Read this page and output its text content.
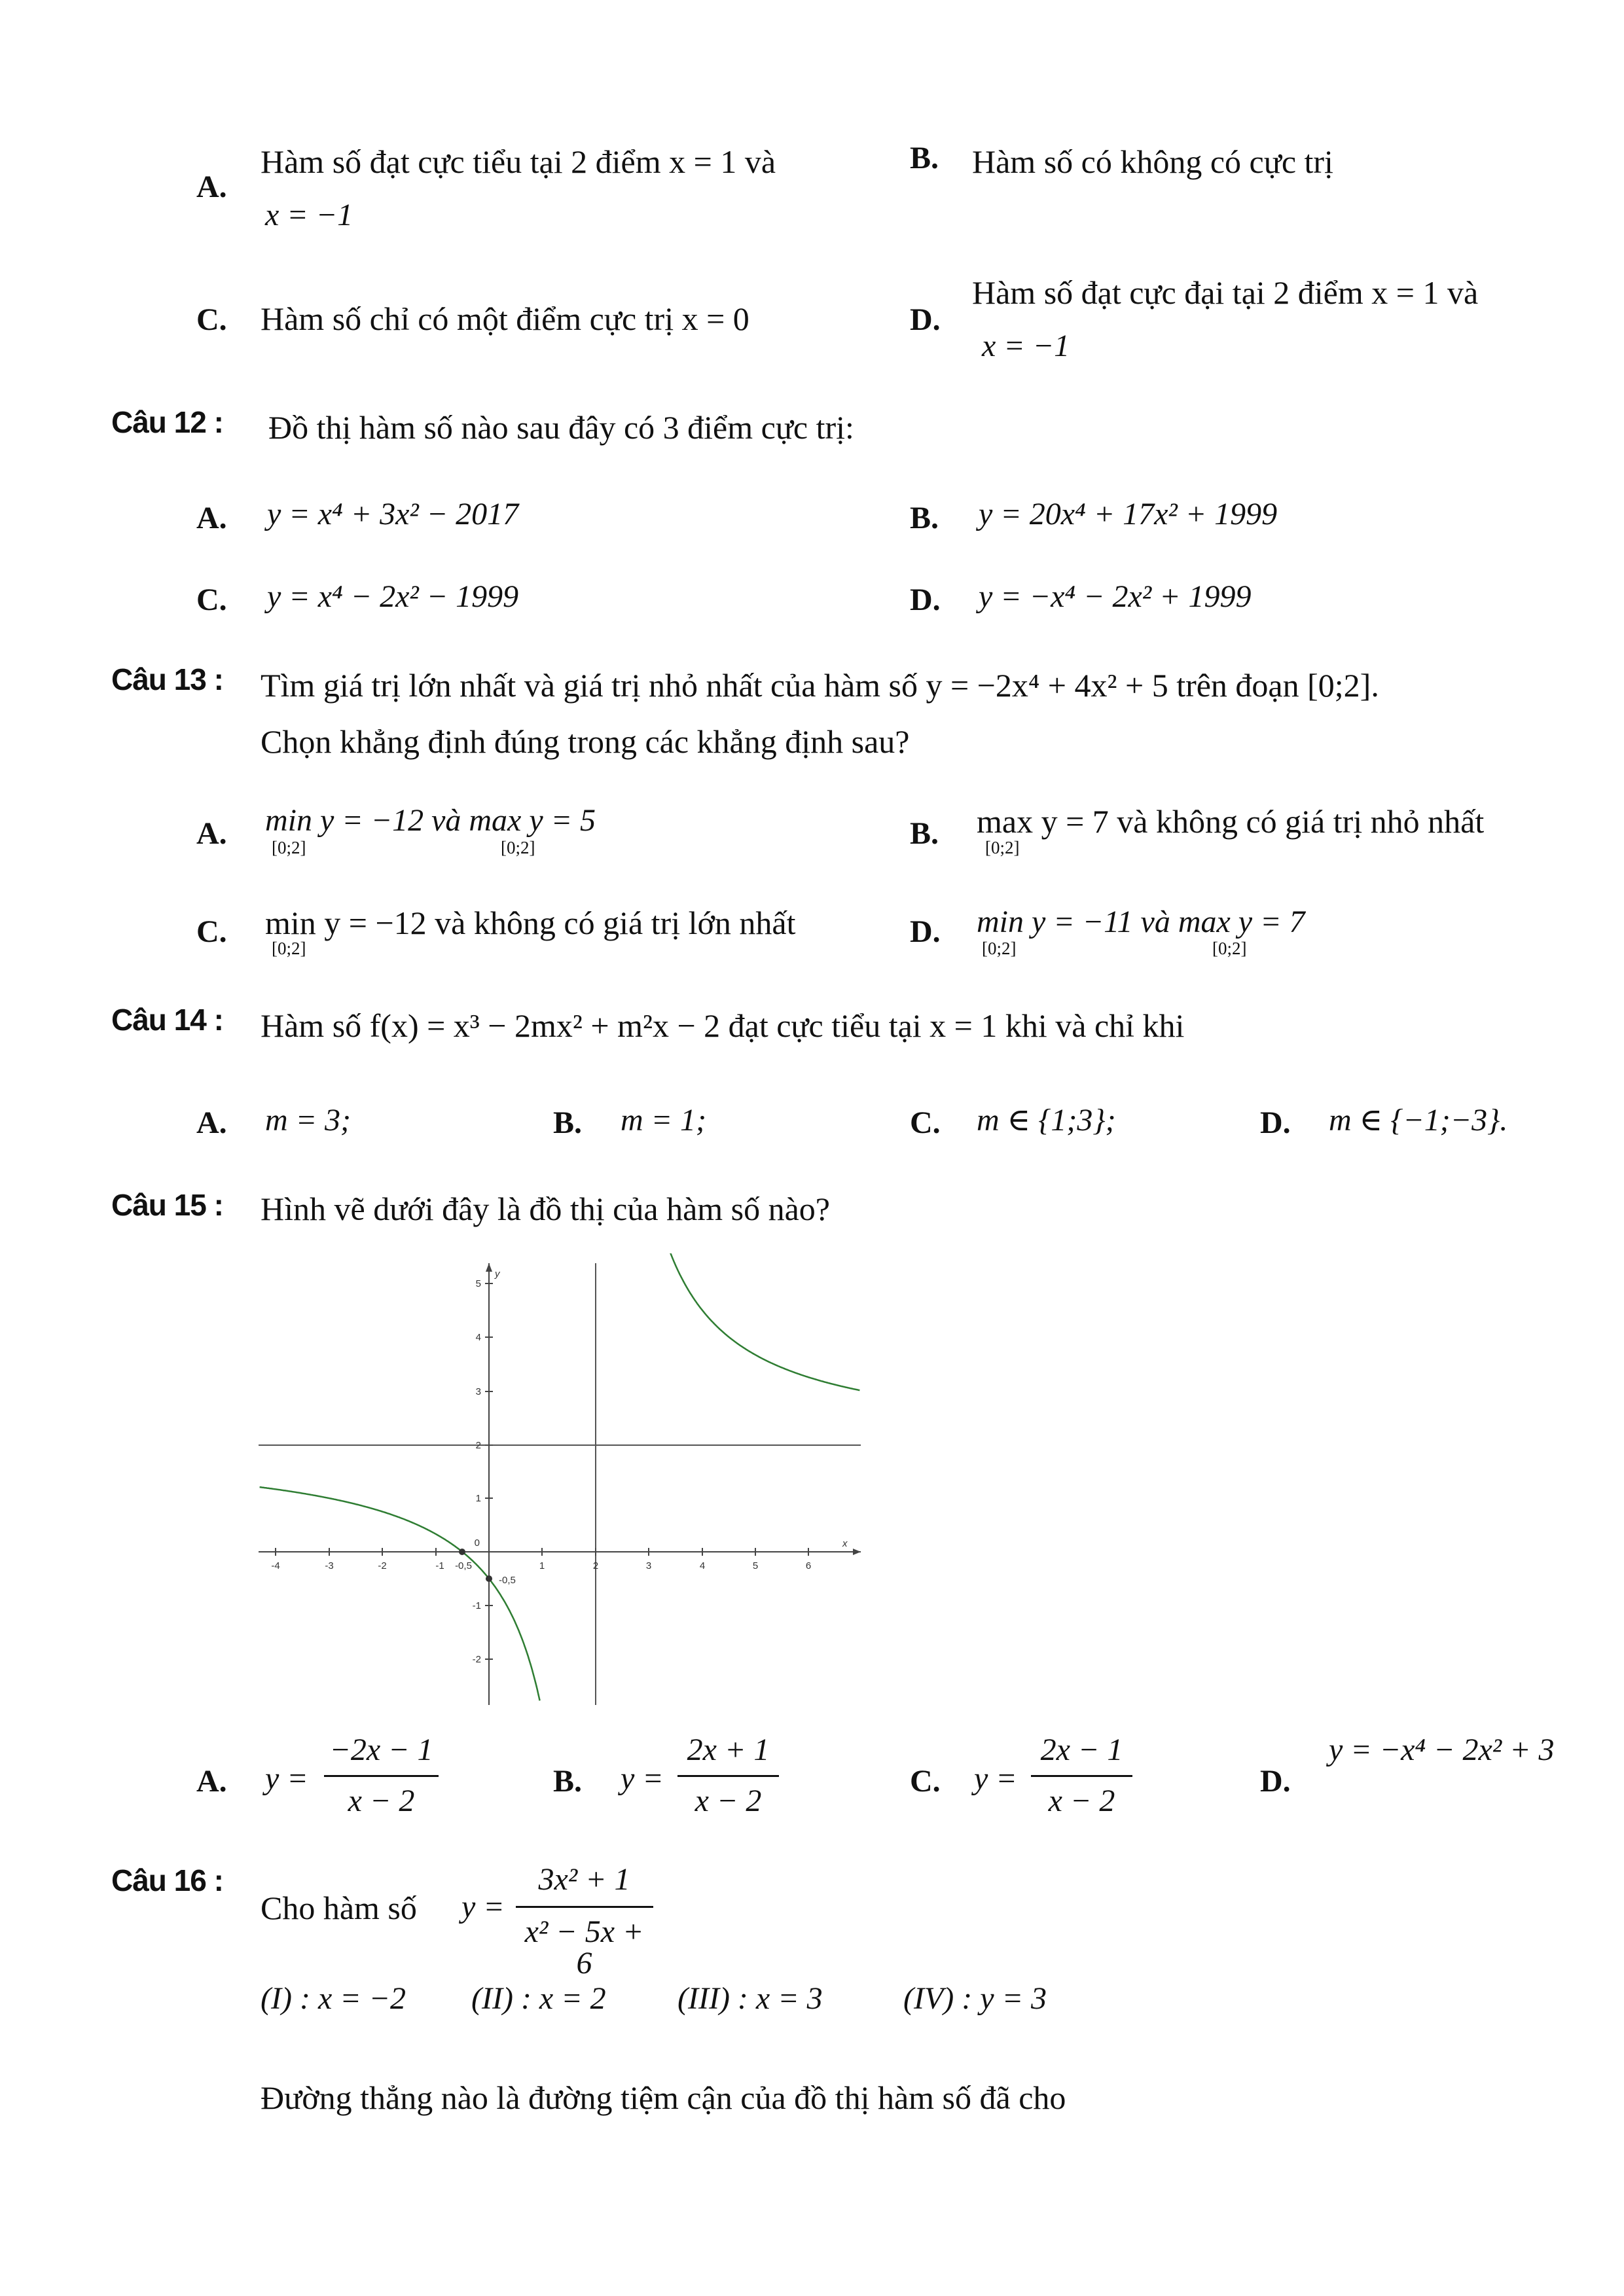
A.
Hàm số đạt cực tiểu tại 2 điểm x = 1 và
x = −1
B. Hàm số có không có cực trị
C. Hàm số chỉ có một điểm cực trị x = 0	D.
Hàm số đạt cực đại tại 2 điểm x = 1 và
x = −1
Câu 12 : Đồ thị hàm số nào sau đây có 3 điểm cực trị:
A. y = x⁴ + 3x² − 2017	B. y = 20x⁴ + 17x² + 1999
C. y = x⁴ − 2x² − 1999	D. y = −x⁴ − 2x² + 1999
Câu 13 : Tìm giá trị lớn nhất và giá trị nhỏ nhất của hàm số y = −2x⁴ + 4x² + 5 trên đoạn [0;2].
Chọn khẳng định đúng trong các khẳng định sau?
A. min y = −12 và max y = 5
[0;2]	[0;2]	B. max y = 7 và không có giá trị nhỏ nhất
[0;2]
C. min y = −12 và không có giá trị lớn nhất
[0;2]	D. min y = −11 và max y = 7
[0;2]	[0;2]
Câu 14 : Hàm số f(x) = x³ − 2mx² + m²x − 2 đạt cực tiểu tại x = 1 khi và chỉ khi
A. m = 3;	B. m = 1;	C. m ∈ {1;3};	D. m ∈ {−1;−3}.
Câu 15 : Hình vẽ dưới đây là đồ thị của hàm số nào?
-4	-3	-2	-1	1	2	3	4	5	6
5
4
3
2
1
-1
-2
0
-0,5
-0,5
y
x
A. y =
−2x − 1
x − 2
B. y =
2x + 1
x − 2
C. y =
2x − 1
x − 2
D.
y = −x⁴ − 2x² + 3
Câu 16 :
Cho hàm số y =
3x² + 1
x² − 5x + 6
(I) : x = −2 (II) : x = 2 (III) : x = 3	(IV) : y = 3
Đường thẳng nào là đường tiệm cận của đồ thị hàm số đã cho
